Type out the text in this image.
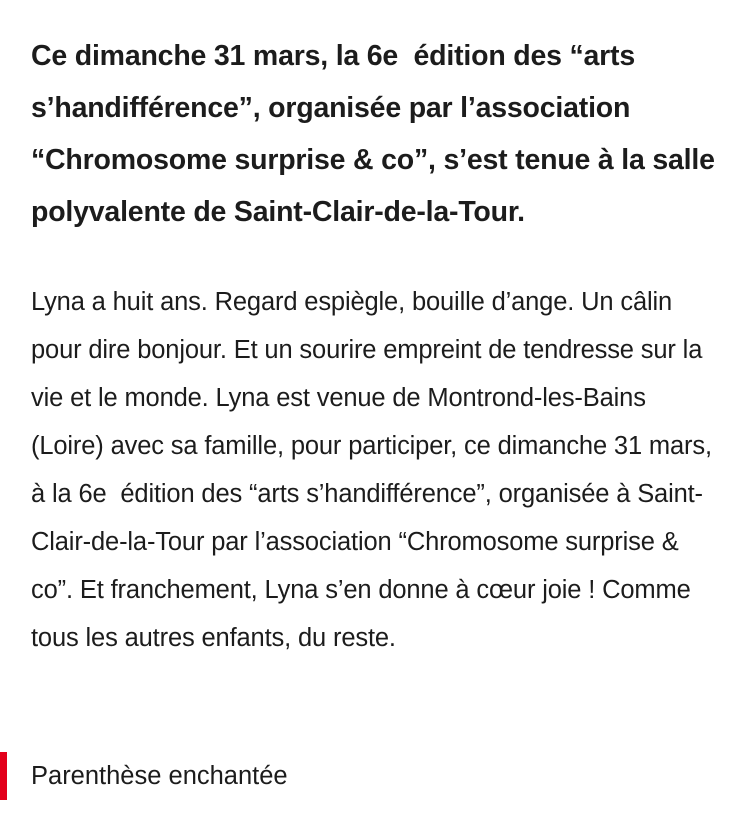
Ce dimanche 31 mars, la 6e  édition des “arts s’handifférence”, organisée par l’association “Chromosome surprise & co”, s’est tenue à la salle polyvalente de Saint-Clair-de-la-Tour.

Lyna a huit ans. Regard espiègle, bouille d’ange. Un câlin pour dire bonjour. Et un sourire empreint de tendresse sur la vie et le monde. Lyna est venue de Montrond-les-Bains (Loire) avec sa famille, pour participer, ce dimanche 31 mars, à la 6e  édition des “arts s’handifférence”, organisée à Saint-Clair-de-la-Tour par l’association “Chromosome surprise & co”. Et franchement, Lyna s’en donne à cœur joie ! Comme tous les autres enfants, du reste.

Parenthèse enchantée
